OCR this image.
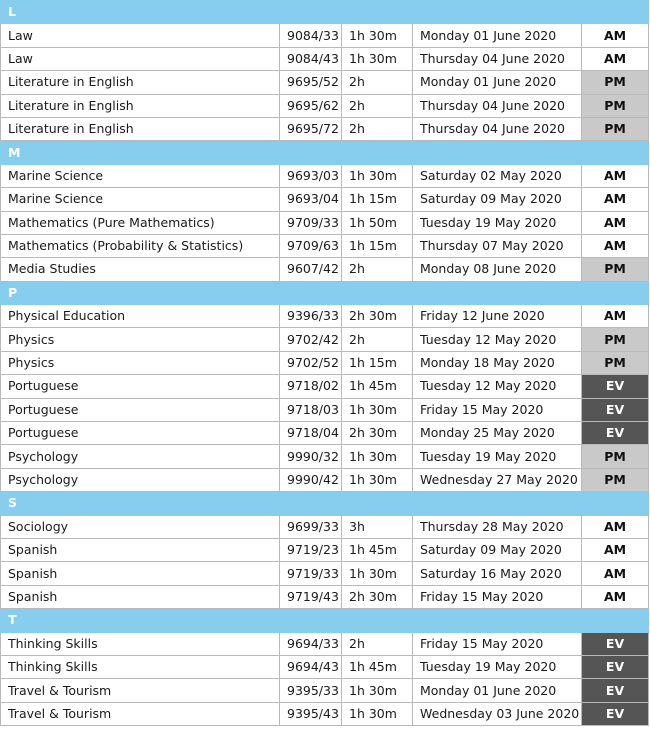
L				
Law	9084/33	1h 30m	Monday 01 June 2020	AM
Law	9084/43	1h 30m	Thursday 04 June 2020	AM
Literature in English	9695/52	2h	Monday 01 June 2020	PM
Literature in English	9695/62	2h	Thursday 04 June 2020	PM
Literature in English	9695/72	2h	Thursday 04 June 2020	PM
M				
Marine Science	9693/03	1h 30m	Saturday 02 May 2020	AM
Marine Science	9693/04	1h 15m	Saturday 09 May 2020	AM
Mathematics (Pure Mathematics)	9709/33	1h 50m	Tuesday 19 May 2020	AM
Mathematics (Probability & Statistics)	9709/63	1h 15m	Thursday 07 May 2020	AM
Media Studies	9607/42	2h	Monday 08 June 2020	PM
P				
Physical Education	9396/33	2h 30m	Friday 12 June 2020	AM
Physics	9702/42	2h	Tuesday 12 May 2020	PM
Physics	9702/52	1h 15m	Monday 18 May 2020	PM
Portuguese	9718/02	1h 45m	Tuesday 12 May 2020	EV
Portuguese	9718/03	1h 30m	Friday 15 May 2020	EV
Portuguese	9718/04	2h 30m	Monday 25 May 2020	EV
Psychology	9990/32	1h 30m	Tuesday 19 May 2020	PM
Psychology	9990/42	1h 30m	Wednesday 27 May 2020	PM
S				
Sociology	9699/33	3h	Thursday 28 May 2020	AM
Spanish	9719/23	1h 45m	Saturday 09 May 2020	AM
Spanish	9719/33	1h 30m	Saturday 16 May 2020	AM
Spanish	9719/43	2h 30m	Friday 15 May 2020	AM
T				
Thinking Skills	9694/33	2h	Friday 15 May 2020	EV
Thinking Skills	9694/43	1h 45m	Tuesday 19 May 2020	EV
Travel & Tourism	9395/33	1h 30m	Monday 01 June 2020	EV
Travel & Tourism	9395/43	1h 30m	Wednesday 03 June 2020	EV
